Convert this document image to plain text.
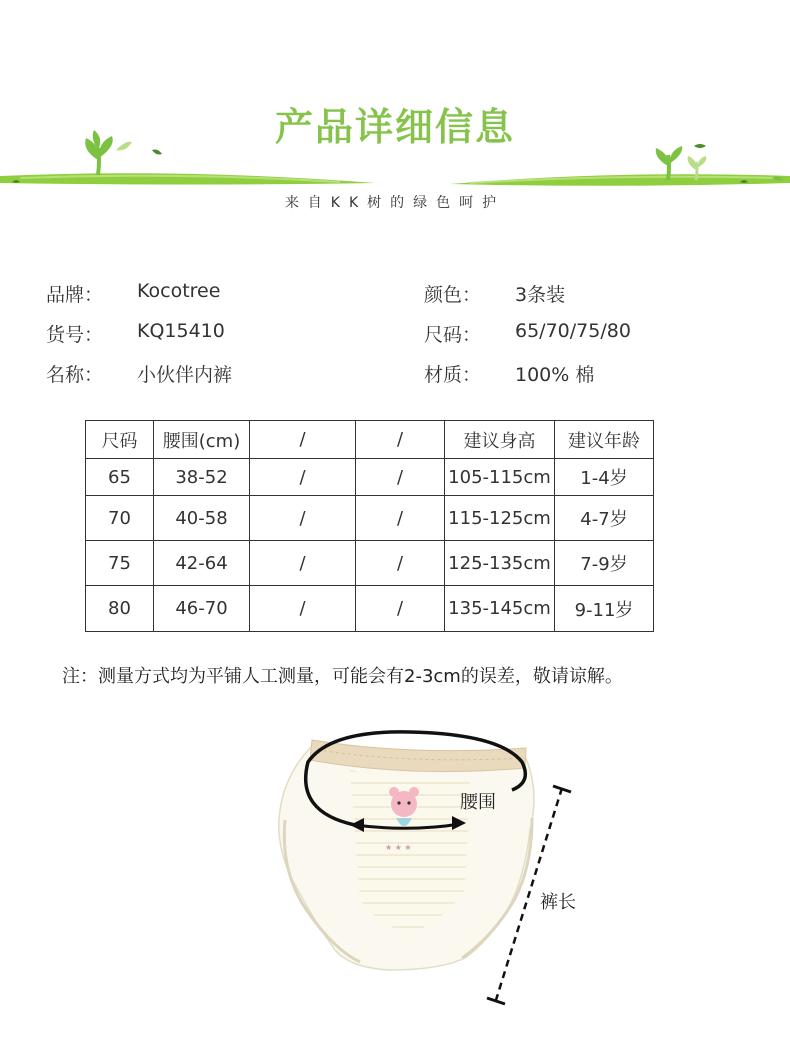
产品详细信息
来自KK树的绿色呵护
品牌： Kocotree
货号： KQ15410
名称： 小伙伴内裤
颜色： 3条装
尺码： 65/70/75/80
材质： 100% 棉
尺码	腰围(cm)	/	/	建议身高	建议年龄
65	38-52	/	/	105-115cm	1-4岁
70	40-58	/	/	115-125cm	4-7岁
75	42-64	/	/	125-135cm	7-9岁
80	46-70	/	/	135-145cm	9-11岁
注：测量方式均为平铺人工测量，可能会有2-3cm的误差，敬请谅解。
★ ★ ★
腰围
裤长
